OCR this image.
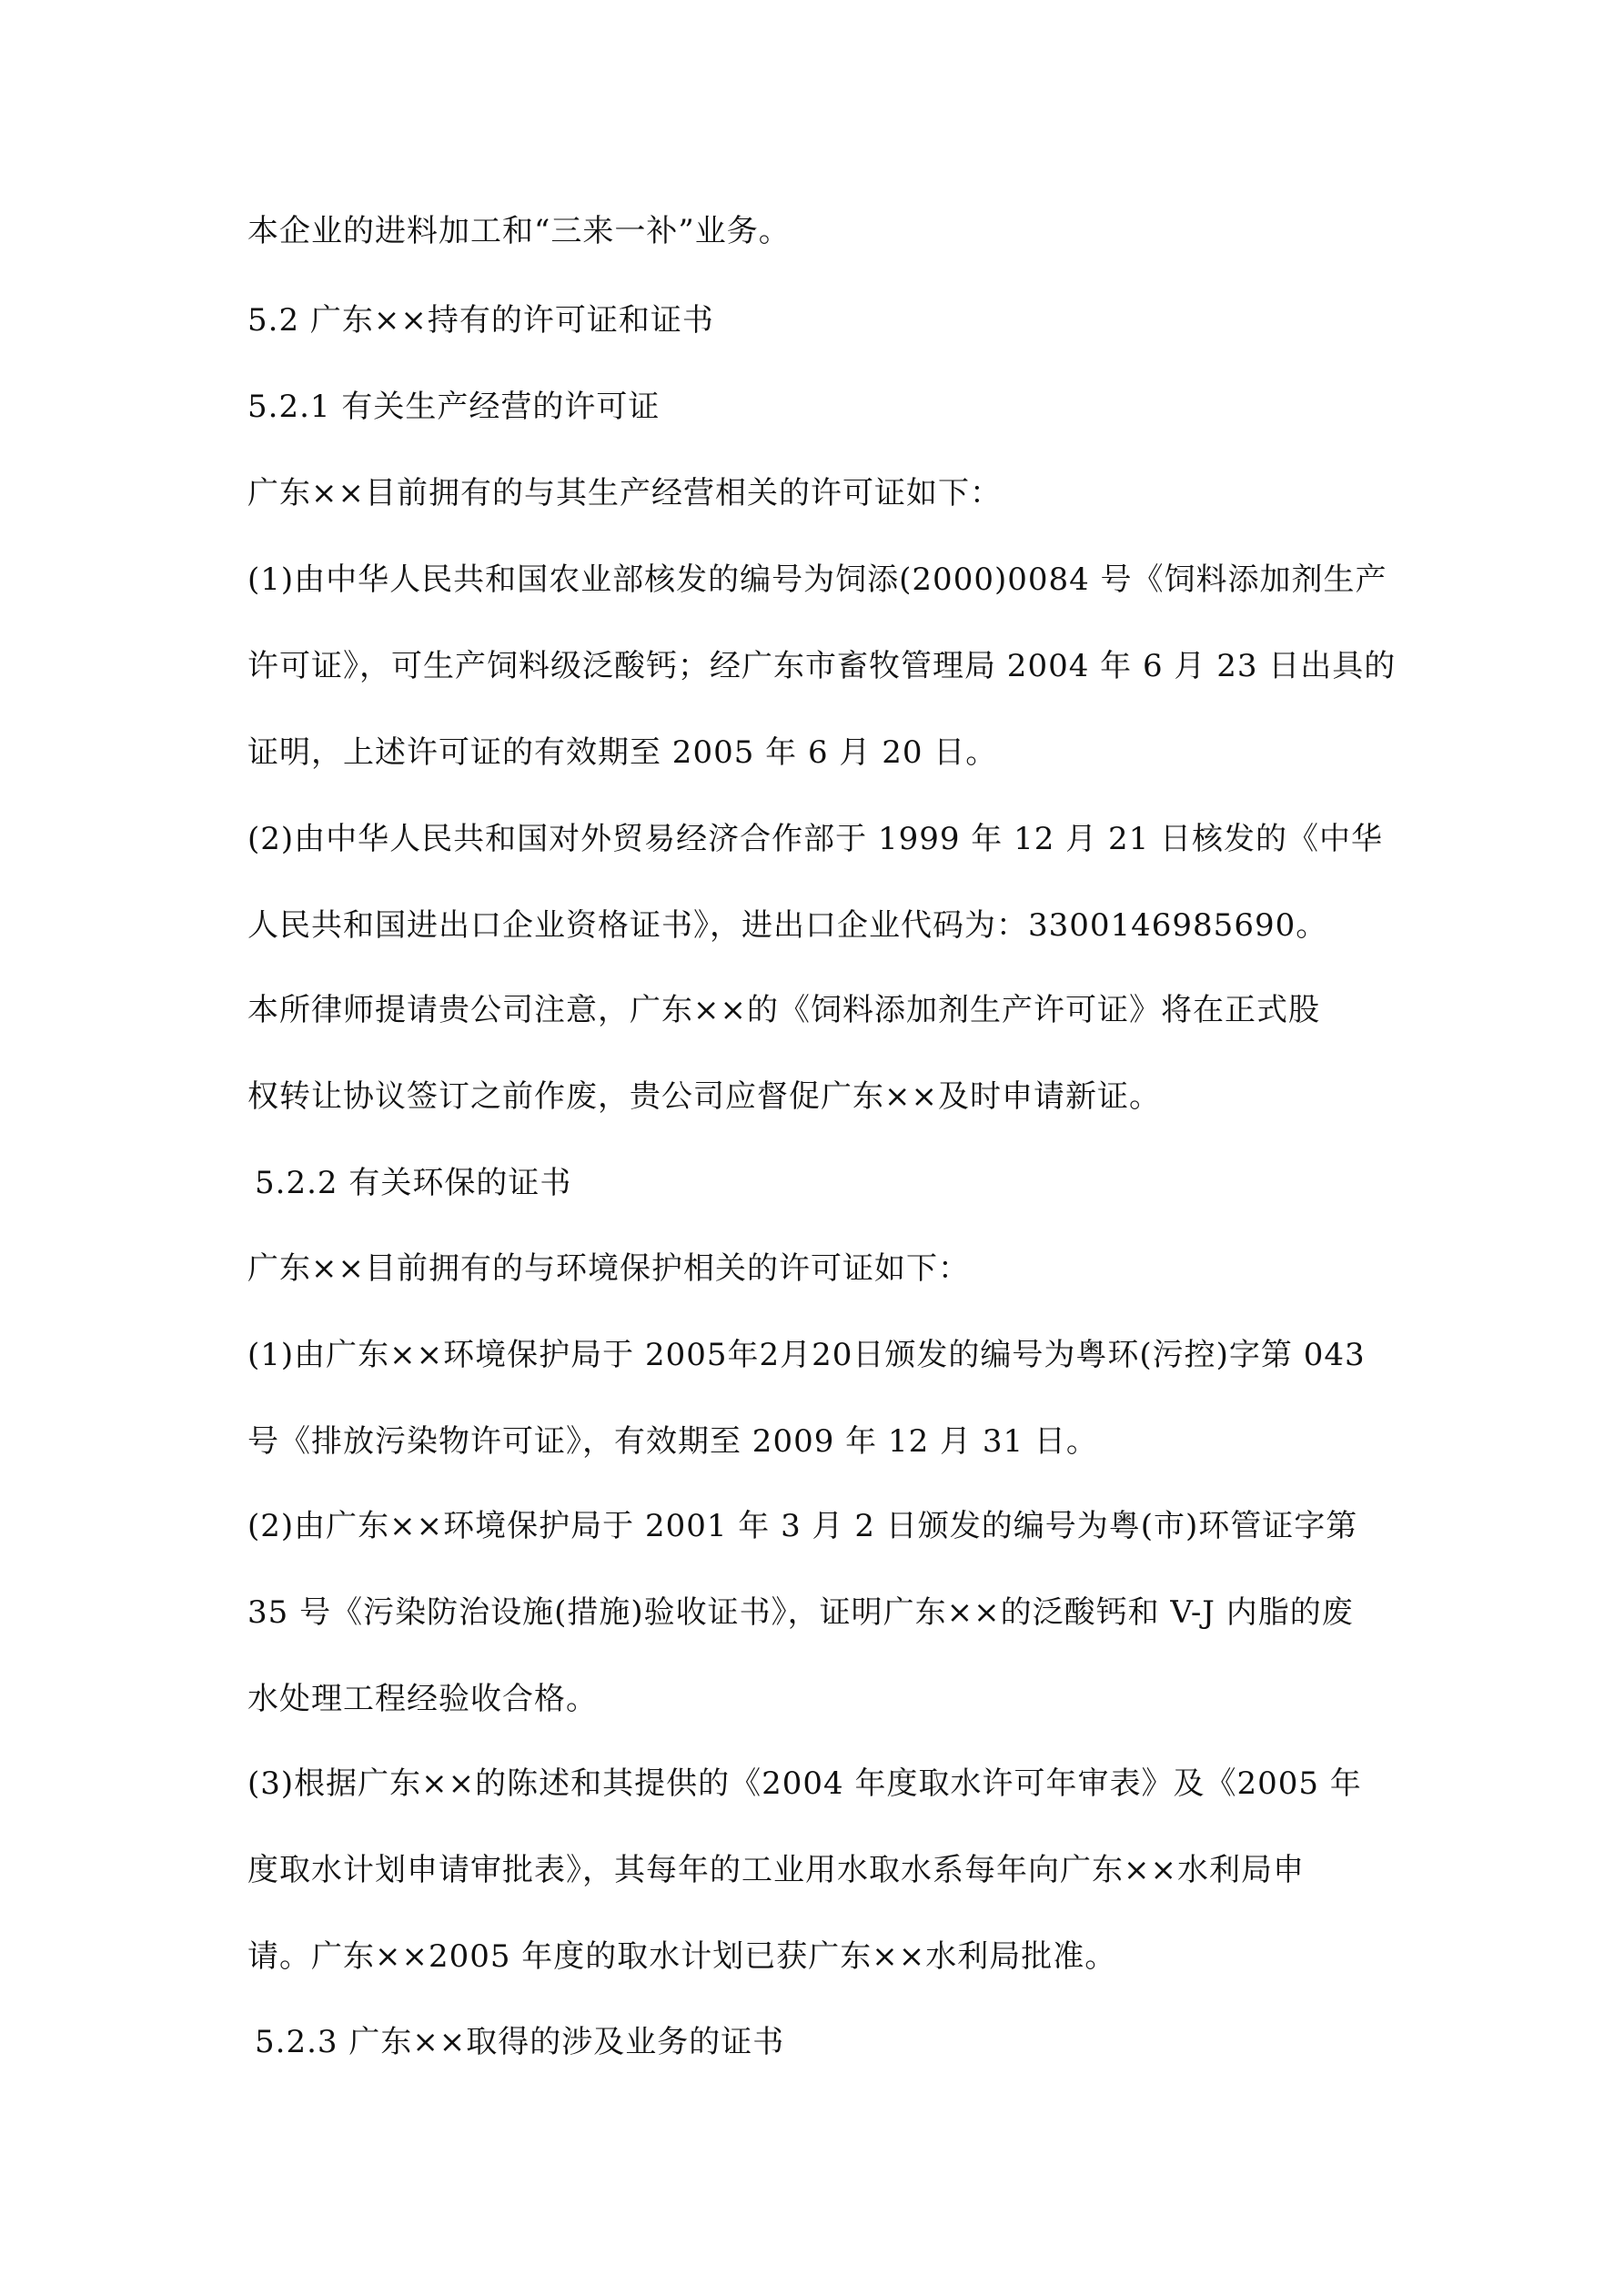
本企业的进料加工和“三来一补”业务。
5.2 广东××持有的许可证和证书
5.2.1 有关生产经营的许可证
广东××目前拥有的与其生产经营相关的许可证如下：
(1)由中华人民共和国农业部核发的编号为饲添(2000)0084 号《饲料添加剂生产
许可证》，可生产饲料级泛酸钙；经广东市畜牧管理局 2004 年 6 月 23 日出具的
证明，上述许可证的有效期至 2005 年 6 月 20 日。
(2)由中华人民共和国对外贸易经济合作部于 1999 年 12 月 21 日核发的《中华
人民共和国进出口企业资格证书》，进出口企业代码为：3300146985690。
本所律师提请贵公司注意，广东××的《饲料添加剂生产许可证》将在正式股
权转让协议签订之前作废，贵公司应督促广东××及时申请新证。
5.2.2 有关环保的证书
广东××目前拥有的与环境保护相关的许可证如下：
(1)由广东××环境保护局于 2005年2月20日颁发的编号为粤环(污控)字第 043
号《排放污染物许可证》，有效期至 2009 年 12 月 31 日。
(2)由广东××环境保护局于 2001 年 3 月 2 日颁发的编号为粤(市)环管证字第
35 号《污染防治设施(措施)验收证书》，证明广东××的泛酸钙和 V-J 内脂的废
水处理工程经验收合格。
(3)根据广东××的陈述和其提供的《2004 年度取水许可年审表》及《2005 年
度取水计划申请审批表》，其每年的工业用水取水系每年向广东××水利局申
请。广东××2005 年度的取水计划已获广东××水利局批准。
5.2.3 广东××取得的涉及业务的证书
